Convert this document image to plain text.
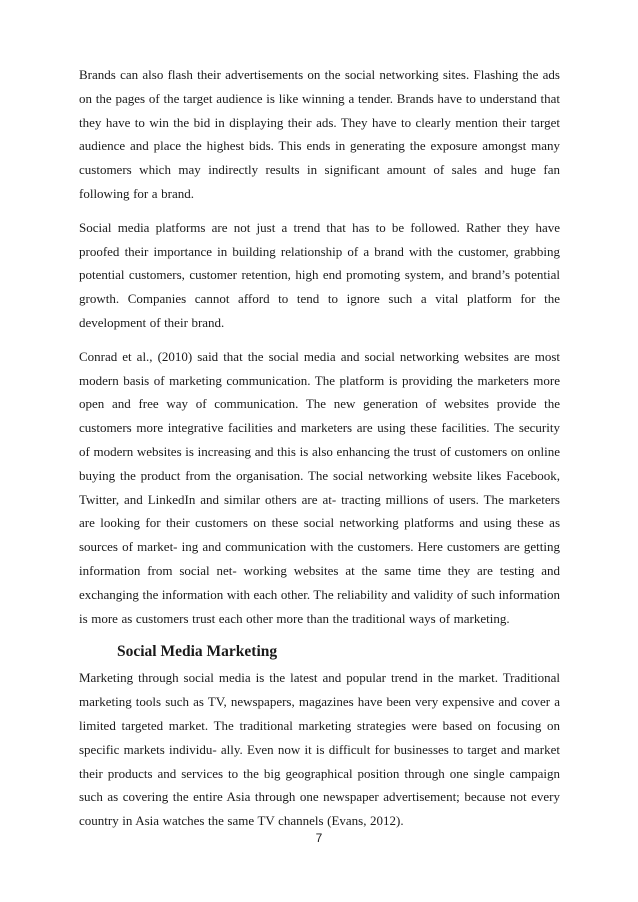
Brands can also flash their advertisements on the social networking sites. Flashing the ads on the pages of the target audience is like winning a tender. Brands have to understand that they have to win the bid in displaying their ads. They have to clearly mention their target audience and place the highest bids. This ends in generating the exposure amongst many customers which may indirectly results in significant amount of sales and huge fan following for a brand.

Social media platforms are not just a trend that has to be followed. Rather they have proofed their importance in building relationship of a brand with the customer, grabbing potential customers, customer retention, high end promoting system, and brand’s potential growth. Companies cannot afford to tend to ignore such a vital platform for the development of their brand.

Conrad et al., (2010) said that the social media and social networking websites are most modern basis of marketing communication. The platform is providing the marketers more open and free way of communication. The new generation of websites provide the customers more integrative facilities and marketers are using these facilities. The security of modern websites is increasing and this is also enhancing the trust of customers on online buying the product from the organisation. The social networking website likes Facebook, Twitter, and LinkedIn and similar others are at- tracting millions of users. The marketers are looking for their customers on these social networking platforms and using these as sources of market- ing and communication with the customers. Here customers are getting information from social net- working websites at the same time they are testing and exchanging the information with each other. The reliability and validity of such information is more as customers trust each other more than the traditional ways of marketing.

Social Media Marketing

Marketing through social media is the latest and popular trend in the market. Traditional marketing tools such as TV, newspapers, magazines have been very expensive and cover a limited targeted market. The traditional marketing strategies were based on focusing on specific markets individu- ally. Even now it is difficult for businesses to target and market their products and services to the big geographical position through one single campaign such as covering the entire Asia through one newspaper advertisement; because not every country in Asia watches the same TV channels (Evans, 2012).

7
